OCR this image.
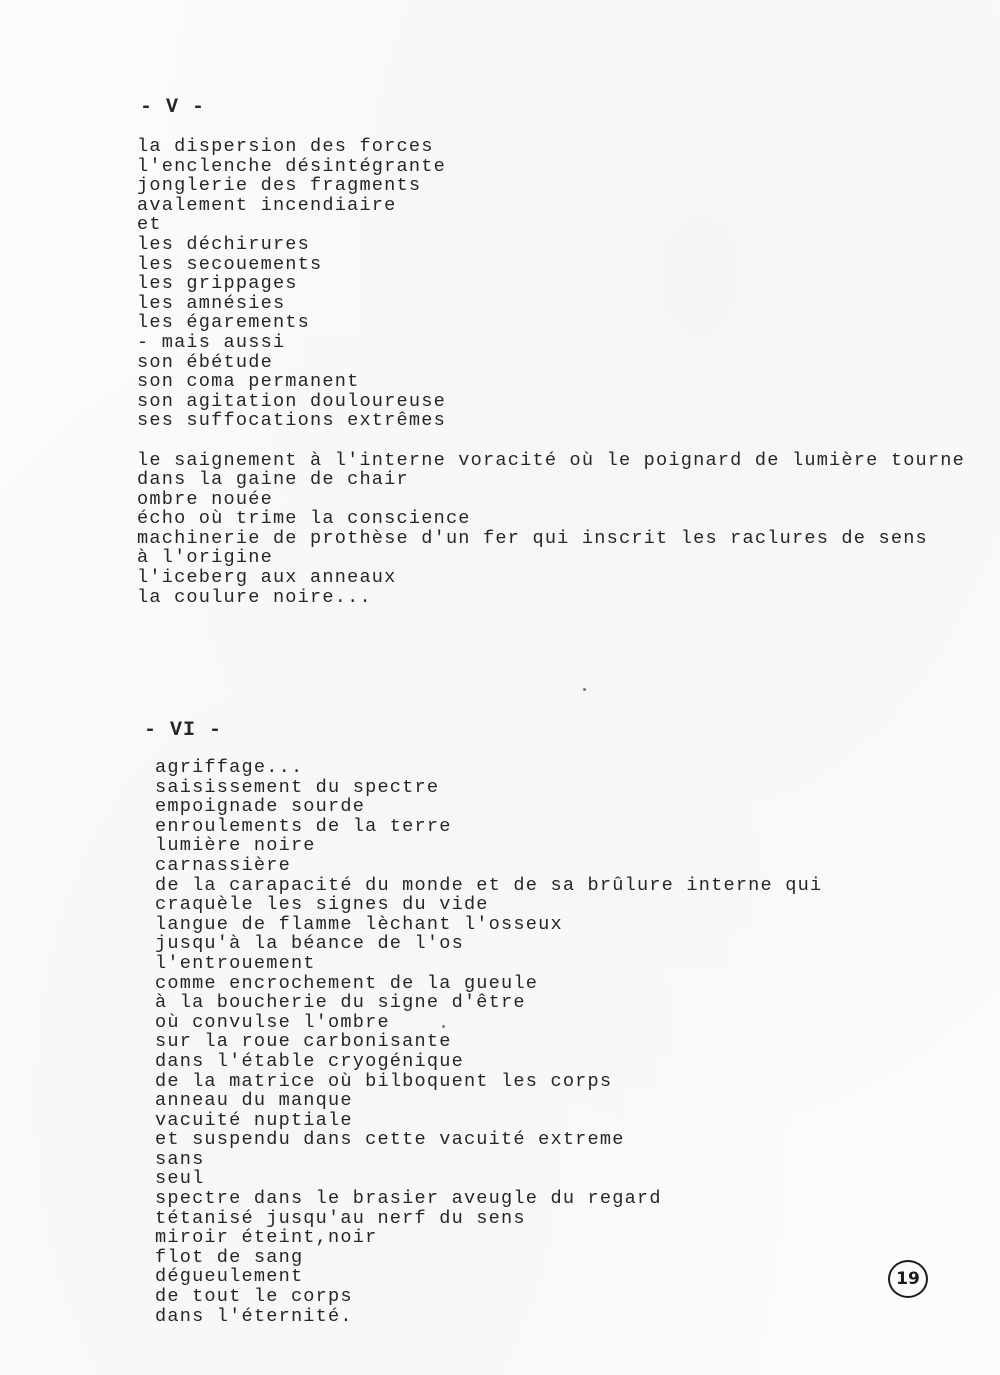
- V -
la dispersion des forces
l'enclenche désintégrante
jonglerie des fragments
avalement incendiaire
et
les déchirures
les secouements
les grippages
les amnésies
les égarements
- mais aussi
son ébétude
son coma permanent
son agitation douloureuse
ses suffocations extrêmes
le saignement à l'interne voracité où le poignard de lumière tourne
dans la gaine de chair
ombre nouée
écho où trime la conscience
machinerie de prothèse d'un fer qui inscrit les raclures de sens
à l'origine
l'iceberg aux anneaux
la coulure noire...
- VI -
agriffage...
saisissement du spectre
empoignade sourde
enroulements de la terre
lumière noire
carnassière
de la carapacité du monde et de sa brûlure interne qui
craquèle les signes du vide
langue de flamme lèchant l'osseux
jusqu'à la béance de l'os
l'entrouement
comme encrochement de la gueule
à la boucherie du signe d'être
où convulse l'ombre
sur la roue carbonisante
dans l'étable cryogénique
de la matrice où bilboquent les corps
anneau du manque
vacuité nuptiale
et suspendu dans cette vacuité extreme
sans
seul
spectre dans le brasier aveugle du regard
tétanisé jusqu'au nerf du sens
miroir éteint,noir
flot de sang
dégueulement
de tout le corps
dans l'éternité.
19
